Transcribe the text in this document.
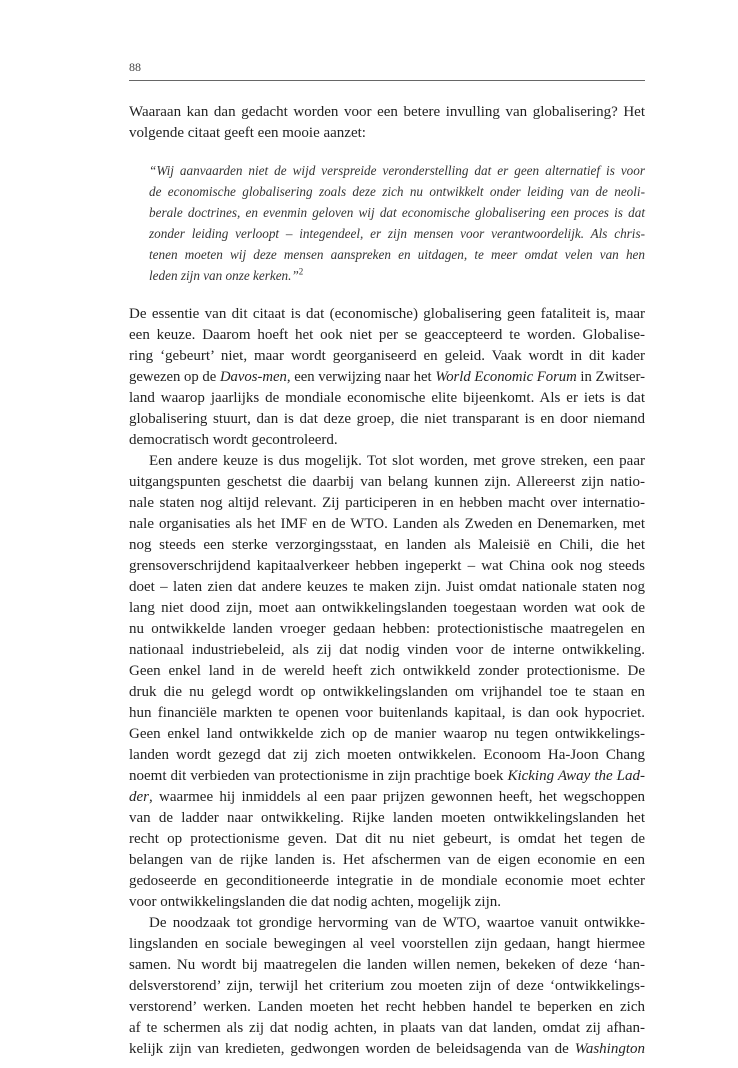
88
Waaraan kan dan gedacht worden voor een betere invulling van globalisering? Het
volgende citaat geeft een mooie aanzet:
“Wij aanvaarden niet de wijd verspreide veronderstelling dat er geen alternatief is voor
de economische globalisering zoals deze zich nu ontwikkelt onder leiding van de neoli-
berale doctrines, en evenmin geloven wij dat economische globalisering een proces is dat
zonder leiding verloopt – integendeel, er zijn mensen voor verantwoordelijk. Als chris-
tenen moeten wij deze mensen aanspreken en uitdagen, te meer omdat velen van hen
leden zijn van onze kerken.”$^2$
De essentie van dit citaat is dat (economische) globalisering geen fataliteit is, maar
een keuze. Daarom hoeft het ook niet per se geaccepteerd te worden. Globalise-
ring ‘gebeurt’ niet, maar wordt georganiseerd en geleid. Vaak wordt in dit kader
gewezen op de Davos-men, een verwijzing naar het World Economic Forum in Zwitser-
land waarop jaarlijks de mondiale economische elite bijeenkomt. Als er iets is dat
globalisering stuurt, dan is dat deze groep, die niet transparant is en door niemand
democratisch wordt gecontroleerd.
Een andere keuze is dus mogelijk. Tot slot worden, met grove streken, een paar
uitgangspunten geschetst die daarbij van belang kunnen zijn. Allereerst zijn natio-
nale staten nog altijd relevant. Zij participeren in en hebben macht over internatio-
nale organisaties als het IMF en de WTO. Landen als Zweden en Denemarken, met
nog steeds een sterke verzorgingsstaat, en landen als Maleisië en Chili, die het
grensoverschrijdend kapitaalverkeer hebben ingeperkt – wat China ook nog steeds
doet – laten zien dat andere keuzes te maken zijn. Juist omdat nationale staten nog
lang niet dood zijn, moet aan ontwikkelingslanden toegestaan worden wat ook de
nu ontwikkelde landen vroeger gedaan hebben: protectionistische maatregelen en
nationaal industriebeleid, als zij dat nodig vinden voor de interne ontwikkeling.
Geen enkel land in de wereld heeft zich ontwikkeld zonder protectionisme. De
druk die nu gelegd wordt op ontwikkelingslanden om vrijhandel toe te staan en
hun financiële markten te openen voor buitenlands kapitaal, is dan ook hypocriet.
Geen enkel land ontwikkelde zich op de manier waarop nu tegen ontwikkelings-
landen wordt gezegd dat zij zich moeten ontwikkelen. Econoom Ha-Joon Chang
noemt dit verbieden van protectionisme in zijn prachtige boek Kicking Away the Lad-
der, waarmee hij inmiddels al een paar prijzen gewonnen heeft, het wegschoppen
van de ladder naar ontwikkeling. Rijke landen moeten ontwikkelingslanden het
recht op protectionisme geven. Dat dit nu niet gebeurt, is omdat het tegen de
belangen van de rijke landen is. Het afschermen van de eigen economie en een
gedoseerde en geconditioneerde integratie in de mondiale economie moet echter
voor ontwikkelingslanden die dat nodig achten, mogelijk zijn.
De noodzaak tot grondige hervorming van de WTO, waartoe vanuit ontwikke-
lingslanden en sociale bewegingen al veel voorstellen zijn gedaan, hangt hiermee
samen. Nu wordt bij maatregelen die landen willen nemen, bekeken of deze ‘han-
delsverstorend’ zijn, terwijl het criterium zou moeten zijn of deze ‘ontwikkelings-
verstorend’ werken. Landen moeten het recht hebben handel te beperken en zich
af te schermen als zij dat nodig achten, in plaats van dat landen, omdat zij afhan-
kelijk zijn van kredieten, gedwongen worden de beleidsagenda van de Washington
